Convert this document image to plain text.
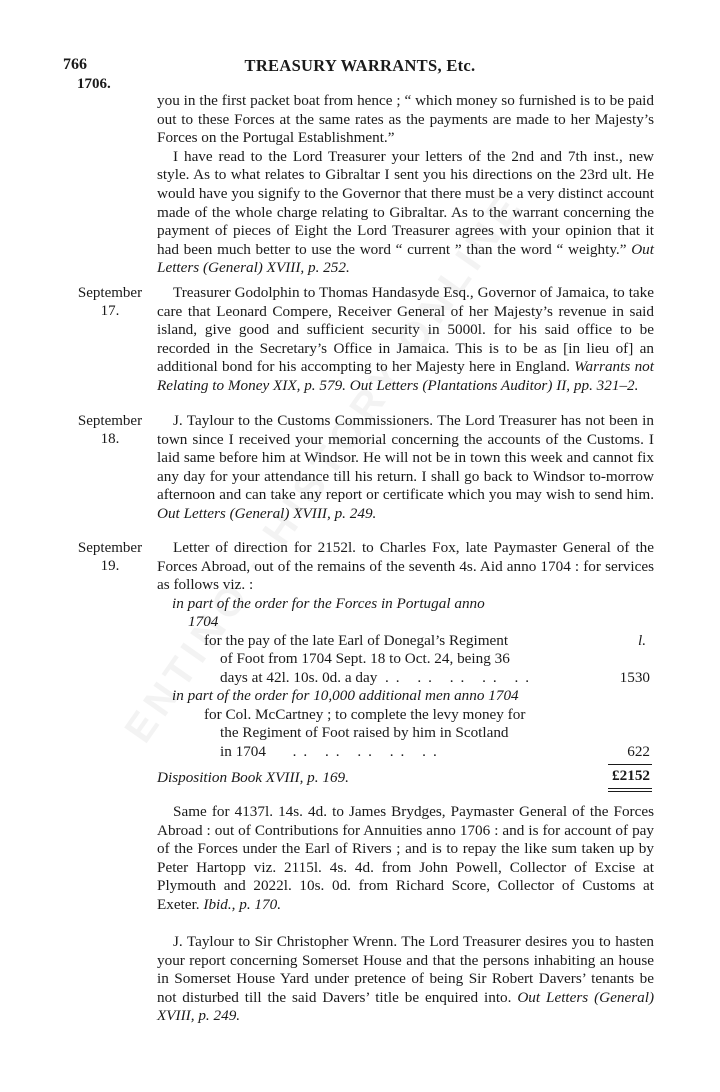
766	TREASURY WARRANTS, Etc.
1706.

you in the first packet boat from hence ; “ which money so furnished is to be paid out to these Forces at the same rates as the payments are made to her Majesty’s Forces on the Portugal Establishment.”

I have read to the Lord Treasurer your letters of the 2nd and 7th inst., new style. As to what relates to Gibraltar I sent you his directions on the 23rd ult. He would have you signify to the Governor that there must be a very distinct account made of the whole charge relating to Gibraltar. As to the warrant concerning the payment of pieces of Eight the Lord Treasurer agrees with your opinion that it had been much better to use the word “ current ” than the word “ weighty.” Out Letters (General) XVIII, p. 252.

September
17.

Treasurer Godolphin to Thomas Handasyde Esq., Governor of Jamaica, to take care that Leonard Compere, Receiver General of her Majesty’s revenue in said island, give good and sufficient security in 5000l. for his said office to be recorded in the Secretary’s Office in Jamaica. This is to be as [in lieu of] an additional bond for his accompting to her Majesty here in England. Warrants not Relating to Money XIX, p. 579. Out Letters (Plantations Auditor) II, pp. 321–2.

September
18.

J. Taylour to the Customs Commissioners. The Lord Treasurer has not been in town since I received your memorial concerning the accounts of the Customs. I laid same before him at Windsor. He will not be in town this week and cannot fix any day for your attendance till his return. I shall go back to Windsor to-morrow afternoon and can take any report or certificate which you may wish to send him. Out Letters (General) XVIII, p. 249.

September
19.

Letter of direction for 2152l. to Charles Fox, late Paymaster General of the Forces Abroad, out of the remains of the seventh 4s. Aid anno 1704 : for services as follows viz. :

in part of the order for the Forces in Portugal anno
1704
for the pay of the late Earl of Donegal’s Regiment	l.
of Foot from 1704 Sept. 18 to Oct. 24, being 36
days at 42l. 10s. 0d. a day .. .. .. .. ..	1530
in part of the order for 10,000 additional men anno 1704
for Col. McCartney ; to complete the levy money for
the Regiment of Foot raised by him in Scotland
in 1704 .. .. .. .. ..	622
£2152
Disposition Book XVIII, p. 169.

Same for 4137l. 14s. 4d. to James Brydges, Paymaster General of the Forces Abroad : out of Contributions for Annuities anno 1706 : and is for account of pay of the Forces under the Earl of Rivers ; and is to repay the like sum taken up by Peter Hartopp viz. 2115l. 4s. 4d. from John Powell, Collector of Excise at Plymouth and 2022l. 10s. 0d. from Richard Score, Collector of Customs at Exeter. Ibid., p. 170.

J. Taylour to Sir Christopher Wrenn. The Lord Treasurer desires you to hasten your report concerning Somerset House and that the persons inhabiting an house in Somerset House Yard under pretence of being Sir Robert Davers’ tenants be not disturbed till the said Davers’ title be enquired into. Out Letters (General) XVIII, p. 249.
